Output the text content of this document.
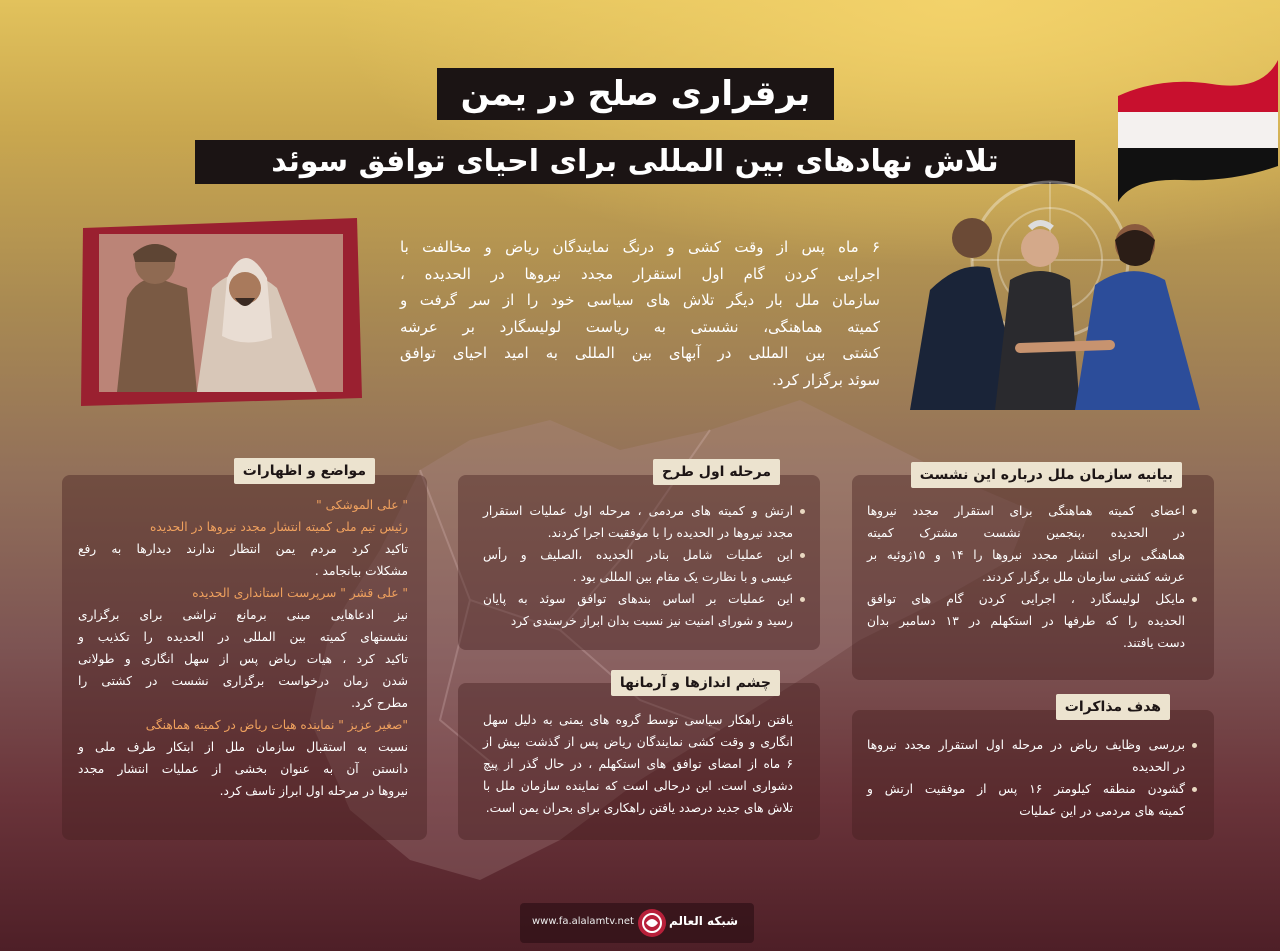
برقراری صلح در یمن
تلاش نهادهای بین المللی برای احیای توافق سوئد
۶ ماه پس از وقت کشی و درنگ نمایندگان ریاض و مخالفت با
اجرایی کردن گام اول استقرار مجدد نیروها در الحدیده ،
سازمان ملل بار دیگر تلاش های سیاسی خود را از سر گرفت و
کمیته هماهنگی، نشستی به ریاست لولیسگارد بر عرشه
کشتی بین المللی در آبهای بین المللی به امید احیای توافق
سوئد برگزار کرد.
بیانیه سازمان ملل درباره این نشست
هدف مذاکرات
مرحله اول طرح
چشم اندازها و آرمانها
مواضع و اظهارات
اعضای کمیته هماهنگی برای استقرار مجدد نیروها
در الحدیده ،پنجمین نشست مشترک کمیته
هماهنگی برای انتشار مجدد نیروها را ۱۴ و ۱۵ژوئیه بر
عرشه کشتی سازمان ملل برگزار کردند.
مایکل لولیسگارد ، اجرایی کردن گام های توافق
الحدیده را که طرفها در استکهلم در ۱۳ دسامبر بدان
دست یافتند.
بررسی وظایف ریاض در مرحله اول استقرار مجدد نیروها
در الحدیده
گشودن منطقه کیلومتر ۱۶ پس از موفقیت ارتش و
کمیته های مردمی در این عملیات
ارتش و کمیته های مردمی ، مرحله اول عملیات استقرار
مجدد نیروها در الحدیده را با موفقیت اجرا کردند.
این عملیات شامل بنادر الحدیده ،الصلیف و رأس
عیسی و با نظارت یک مقام بین المللی بود .
این عملیات بر اساس بندهای توافق سوئد به پایان
رسید و شورای امنیت نیز نسبت بدان ابراز خرسندی کرد
یافتن راهکار سیاسی توسط گروه های یمنی به دلیل سهل
انگاری و وقت کشی نمایندگان ریاض پس از گذشت بیش از
۶ ماه از امضای توافق های استکهلم ، در حال گذر از پیچ
دشواری است. این درحالی است که نماینده سازمان ملل با
تلاش های جدید درصدد یافتن راهکاری برای بحران یمن است.
" علی الموشکی "
رئیس تیم ملی کمیته انتشار مجدد نیروها در الحدیده
تاکید کرد مردم یمن انتظار ندارند دیدارها به رفع
مشکلات بیانجامد .
" علی قشر " سرپرست استانداری الحدیده
نیز ادعاهایی مبنی برمانع تراشی برای برگزاری
نشستهای کمیته بین المللی در الحدیده را تکذیب و
تاکید کرد ، هیات ریاض پس از سهل انگاری و طولانی
شدن زمان درخواست برگزاری نشست در کشتی را
مطرح کرد.
"صغیر عزیز " نماینده هیات ریاض در کمیته هماهنگی
نسبت به استقبال سازمان ملل از ابتکار طرف ملی و
دانستن آن به عنوان بخشی از عملیات انتشار مجدد
نیروها در مرحله اول ابراز تاسف کرد.
www.fa.alalamtv.net	شبکه العالم
